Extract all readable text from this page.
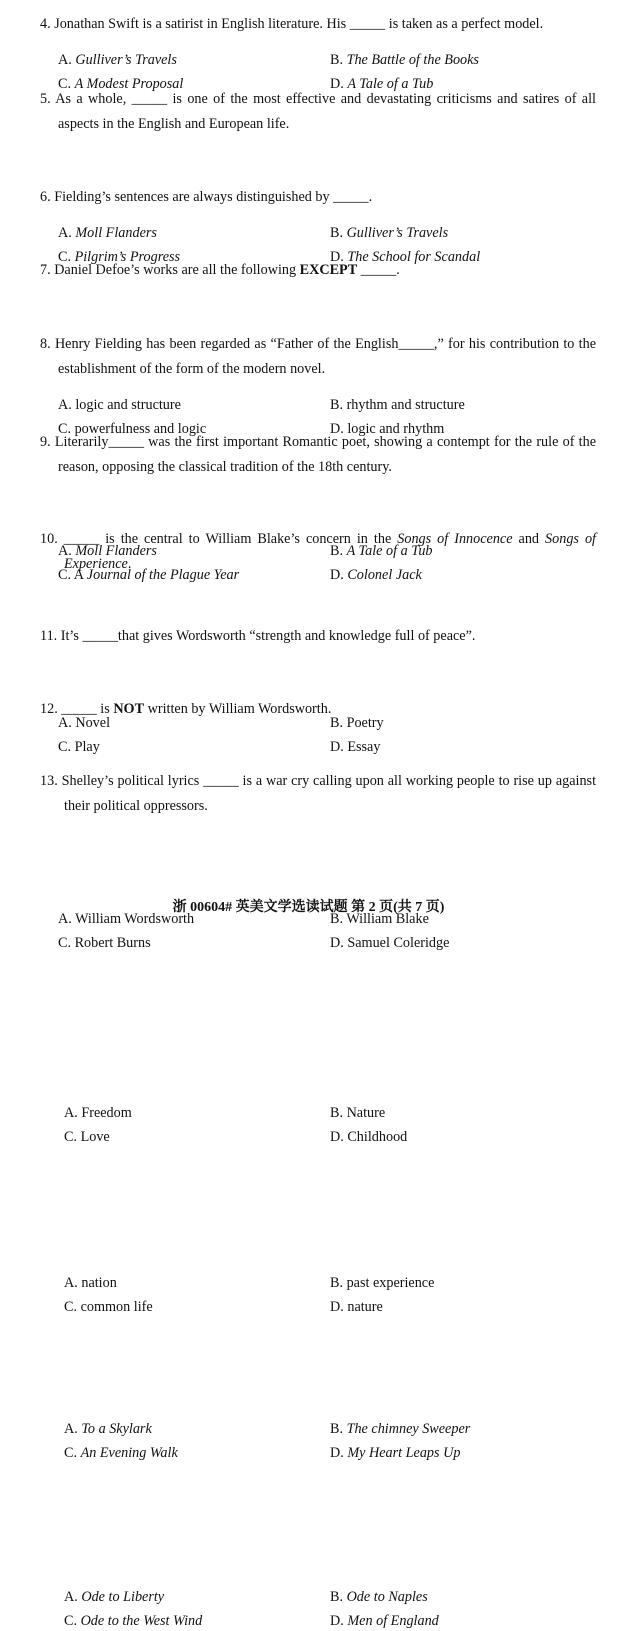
4. Jonathan Swift is a satirist in English literature. His _____ is taken as a perfect model.
A. Gulliver’s Travels	B. The Battle of the Books
C. A Modest Proposal	D. A Tale of a Tub
5. As a whole, _____ is one of the most effective and devastating criticisms and satires of all aspects in the English and European life.
A. Moll Flanders	B. Gulliver’s Travels
C. Pilgrim’s Progress	D. The School for Scandal
6. Fielding’s sentences are always distinguished by _____.
A. logic and structure	B. rhythm and structure
C. powerfulness and logic	D. logic and rhythm
7. Daniel Defoe’s works are all the following EXCEPT _____.
A. Moll Flanders	B. A Tale of a Tub
C. A Journal of the Plague Year	D. Colonel Jack
8. Henry Fielding has been regarded as “Father of the English_____,” for his contribution to the establishment of the form of the modern novel.
A. Novel	B. Poetry
C. Play	D. Essay
9. Literarily_____ was the first important Romantic poet, showing a contempt for the rule of the reason, opposing the classical tradition of the 18th century.
A. William Wordsworth	B. William Blake
C. Robert Burns	D. Samuel Coleridge
10. _____ is the central to William Blake’s concern in the Songs of Innocence and Songs of Experience.
A. Freedom	B. Nature
C. Love	D. Childhood
11. It’s _____that gives Wordsworth “strength and knowledge full of peace”.
A. nation	B. past experience
C. common life	D. nature
12. _____ is NOT written by William Wordsworth.
A. To a Skylark	B. The chimney Sweeper
C. An Evening Walk	D. My Heart Leaps Up
13. Shelley’s political lyrics _____ is a war cry calling upon all working people to rise up against their political oppressors.
A. Ode to Liberty	B. Ode to Naples
C. Ode to the West Wind	D. Men of England
浙 00604# 英美文学选读试题 第 2 页(共 7 页)
